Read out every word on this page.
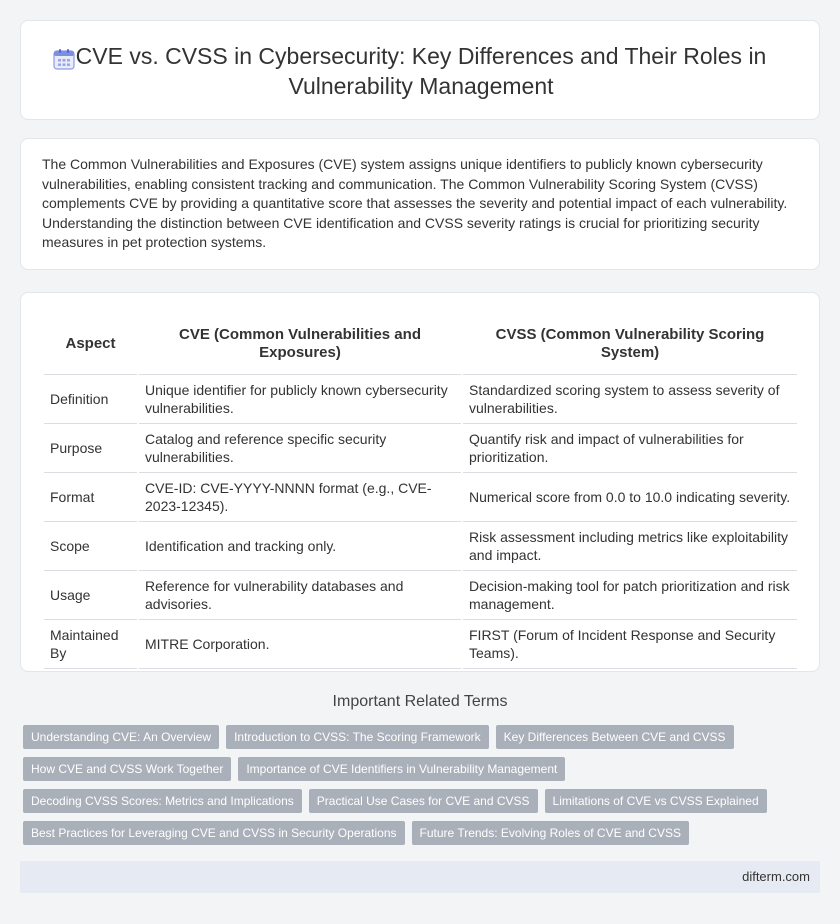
CVE vs. CVSS in Cybersecurity: Key Differences and Their Roles in Vulnerability Management

The Common Vulnerabilities and Exposures (CVE) system assigns unique identifiers to publicly known cybersecurity vulnerabilities, enabling consistent tracking and communication. The Common Vulnerability Scoring System (CVSS) complements CVE by providing a quantitative score that assesses the severity and potential impact of each vulnerability. Understanding the distinction between CVE identification and CVSS severity ratings is crucial for prioritizing security measures in pet protection systems.

Aspect	CVE (Common Vulnerabilities and Exposures)	CVSS (Common Vulnerability Scoring System)
Definition	Unique identifier for publicly known cybersecurity vulnerabilities.	Standardized scoring system to assess severity of vulnerabilities.
Purpose	Catalog and reference specific security vulnerabilities.	Quantify risk and impact of vulnerabilities for prioritization.
Format	CVE-ID: CVE-YYYY-NNNN format (e.g., CVE-2023-12345).	Numerical score from 0.0 to 10.0 indicating severity.
Scope	Identification and tracking only.	Risk assessment including metrics like exploitability and impact.
Usage	Reference for vulnerability databases and advisories.	Decision-making tool for patch prioritization and risk management.
Maintained By	MITRE Corporation.	FIRST (Forum of Incident Response and Security Teams).
Important Related Terms
Understanding CVE: An Overview	Introduction to CVSS: The Scoring Framework	Key Differences Between CVE and CVSS
How CVE and CVSS Work Together	Importance of CVE Identifiers in Vulnerability Management
Decoding CVSS Scores: Metrics and Implications	Practical Use Cases for CVE and CVSS	Limitations of CVE vs CVSS Explained
Best Practices for Leveraging CVE and CVSS in Security Operations	Future Trends: Evolving Roles of CVE and CVSS
difterm.com
